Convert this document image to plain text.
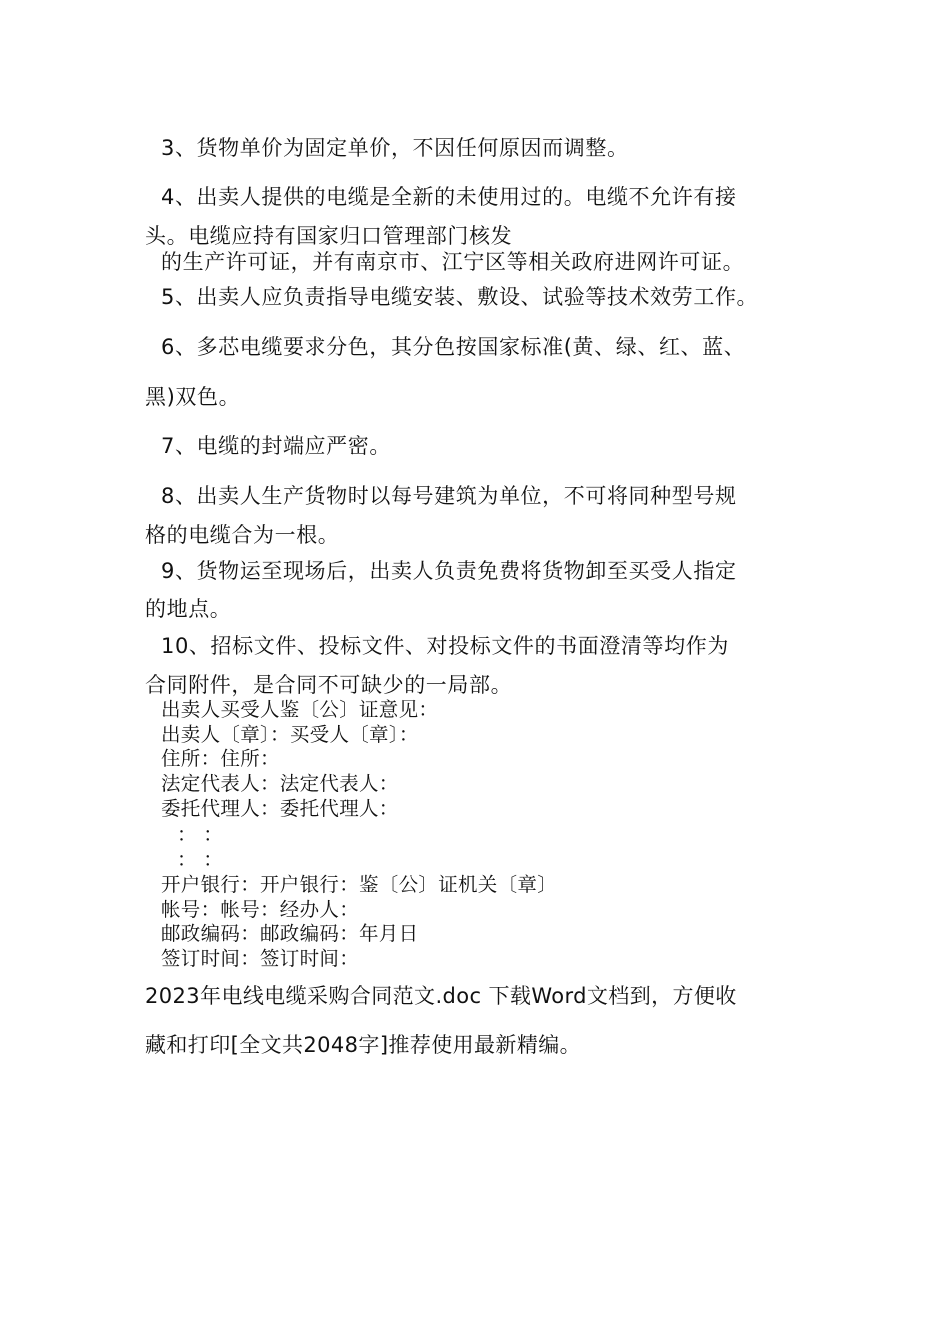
3、货物单价为固定单价，不因任何原因而调整。
4、出卖人提供的电缆是全新的未使用过的。电缆不允许有接
头。电缆应持有国家归口管理部门核发
的生产许可证，并有南京市、江宁区等相关政府进网许可证。
5、出卖人应负责指导电缆安装、敷设、试验等技术效劳工作。
6、多芯电缆要求分色，其分色按国家标准(黄、绿、红、蓝、
黑)双色。
7、电缆的封端应严密。
8、出卖人生产货物时以每号建筑为单位，不可将同种型号规
格的电缆合为一根。
9、货物运至现场后，出卖人负责免费将货物卸至买受人指定
的地点。
10、招标文件、投标文件、对投标文件的书面澄清等均作为
合同附件，是合同不可缺少的一局部。
出卖人买受人鉴〔公〕证意见：
出卖人〔章〕：买受人〔章〕：
住所：住所：
法定代表人：法定代表人：
委托代理人：委托代理人：
： ：
： ：
开户银行：开户银行：鉴〔公〕证机关〔章〕
帐号：帐号：经办人：
邮政编码：邮政编码：年月日
签订时间：签订时间：
2023年电线电缆采购合同范文.doc 下载Word文档到，方便收
藏和打印[全文共2048字]推荐使用最新精编。
